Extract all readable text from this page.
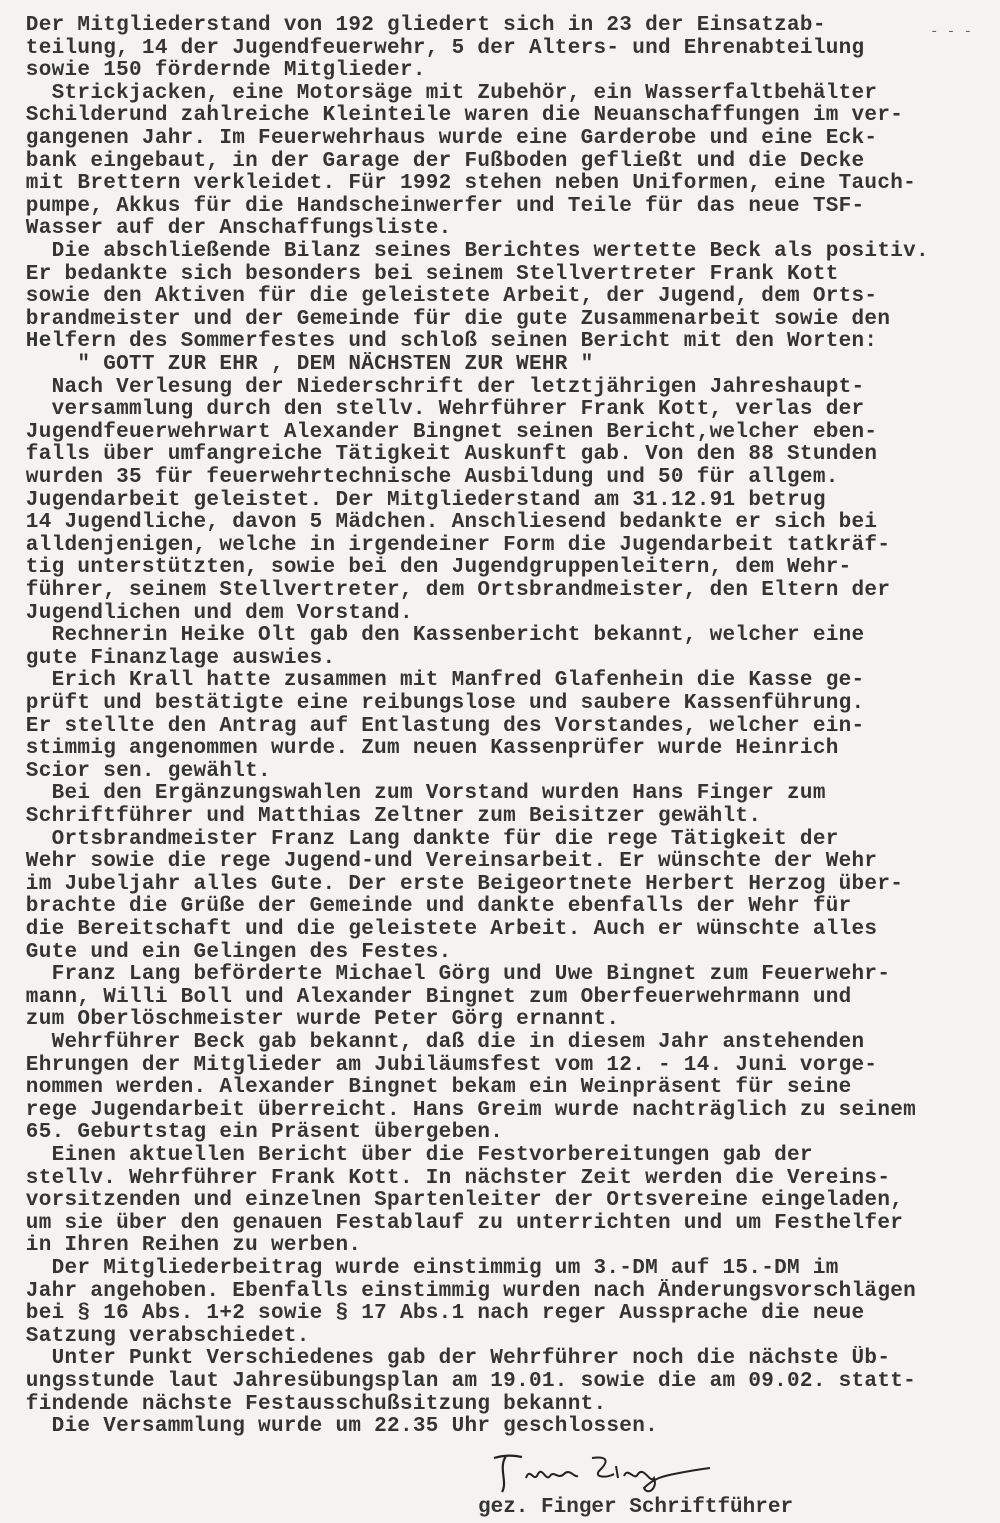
Der Mitgliederstand von 192 gliedert sich in 23 der Einsatzab-
teilung, 14 der Jugendfeuerwehr, 5 der Alters- und Ehrenabteilung
sowie 150 fördernde Mitglieder.
Strickjacken, eine Motorsäge mit Zubehör, ein Wasserfaltbehälter
Schilderund zahlreiche Kleinteile waren die Neuanschaffungen im ver-
gangenen Jahr. Im Feuerwehrhaus wurde eine Garderobe und eine Eck-
bank eingebaut, in der Garage der Fußboden gefließt und die Decke
mit Brettern verkleidet. Für 1992 stehen neben Uniformen, eine Tauch-
pumpe, Akkus für die Handscheinwerfer und Teile für das neue TSF-
Wasser auf der Anschaffungsliste.
Die abschließende Bilanz seines Berichtes wertette Beck als positiv.
Er bedankte sich besonders bei seinem Stellvertreter Frank Kott
sowie den Aktiven für die geleistete Arbeit, der Jugend, dem Orts-
brandmeister und der Gemeinde für die gute Zusammenarbeit sowie den
Helfern des Sommerfestes und schloß seinen Bericht mit den Worten:
" GOTT ZUR EHR , DEM NÄCHSTEN ZUR WEHR "
Nach Verlesung der Niederschrift der letztjährigen Jahreshaupt-
versammlung durch den stellv. Wehrführer Frank Kott, verlas der
Jugendfeuerwehrwart Alexander Bingnet seinen Bericht,welcher eben-
falls über umfangreiche Tätigkeit Auskunft gab. Von den 88 Stunden
wurden 35 für feuerwehrtechnische Ausbildung und 50 für allgem.
Jugendarbeit geleistet. Der Mitgliederstand am 31.12.91 betrug
14 Jugendliche, davon 5 Mädchen. Anschliesend bedankte er sich bei
alldenjenigen, welche in irgendeiner Form die Jugendarbeit tatkräf-
tig unterstützten, sowie bei den Jugendgruppenleitern, dem Wehr-
führer, seinem Stellvertreter, dem Ortsbrandmeister, den Eltern der
Jugendlichen und dem Vorstand.
Rechnerin Heike Olt gab den Kassenbericht bekannt, welcher eine
gute Finanzlage auswies.
Erich Krall hatte zusammen mit Manfred Glafenhein die Kasse ge-
prüft und bestätigte eine reibungslose und saubere Kassenführung.
Er stellte den Antrag auf Entlastung des Vorstandes, welcher ein-
stimmig angenommen wurde. Zum neuen Kassenprüfer wurde Heinrich
Scior sen. gewählt.
Bei den Ergänzungswahlen zum Vorstand wurden Hans Finger zum
Schriftführer und Matthias Zeltner zum Beisitzer gewählt.
Ortsbrandmeister Franz Lang dankte für die rege Tätigkeit der
Wehr sowie die rege Jugend-und Vereinsarbeit. Er wünschte der Wehr
im Jubeljahr alles Gute. Der erste Beigeortnete Herbert Herzog über-
brachte die Grüße der Gemeinde und dankte ebenfalls der Wehr für
die Bereitschaft und die geleistete Arbeit. Auch er wünschte alles
Gute und ein Gelingen des Festes.
Franz Lang beförderte Michael Görg und Uwe Bingnet zum Feuerwehr-
mann, Willi Boll und Alexander Bingnet zum Oberfeuerwehrmann und
zum Oberlöschmeister wurde Peter Görg ernannt.
Wehrführer Beck gab bekannt, daß die in diesem Jahr anstehenden
Ehrungen der Mitglieder am Jubiläumsfest vom 12. - 14. Juni vorge-
nommen werden. Alexander Bingnet bekam ein Weinpräsent für seine
rege Jugendarbeit überreicht. Hans Greim wurde nachträglich zu seinem
65. Geburtstag ein Präsent übergeben.
Einen aktuellen Bericht über die Festvorbereitungen gab der
stellv. Wehrführer Frank Kott. In nächster Zeit werden die Vereins-
vorsitzenden und einzelnen Spartenleiter der Ortsvereine eingeladen,
um sie über den genauen Festablauf zu unterrichten und um Festhelfer
in Ihren Reihen zu werben.
Der Mitgliederbeitrag wurde einstimmig um 3.-DM auf 15.-DM im
Jahr angehoben. Ebenfalls einstimmig wurden nach Änderungsvorschlägen
bei § 16 Abs. 1+2 sowie § 17 Abs.1 nach reger Aussprache die neue
Satzung verabschiedet.
Unter Punkt Verschiedenes gab der Wehrführer noch die nächste Üb-
ungsstunde laut Jahresübungsplan am 19.01. sowie die am 09.02. statt-
findende nächste Festausschußsitzung bekannt.
Die Versammlung wurde um 22.35 Uhr geschlossen.
- - -
gez. Finger Schriftführer
